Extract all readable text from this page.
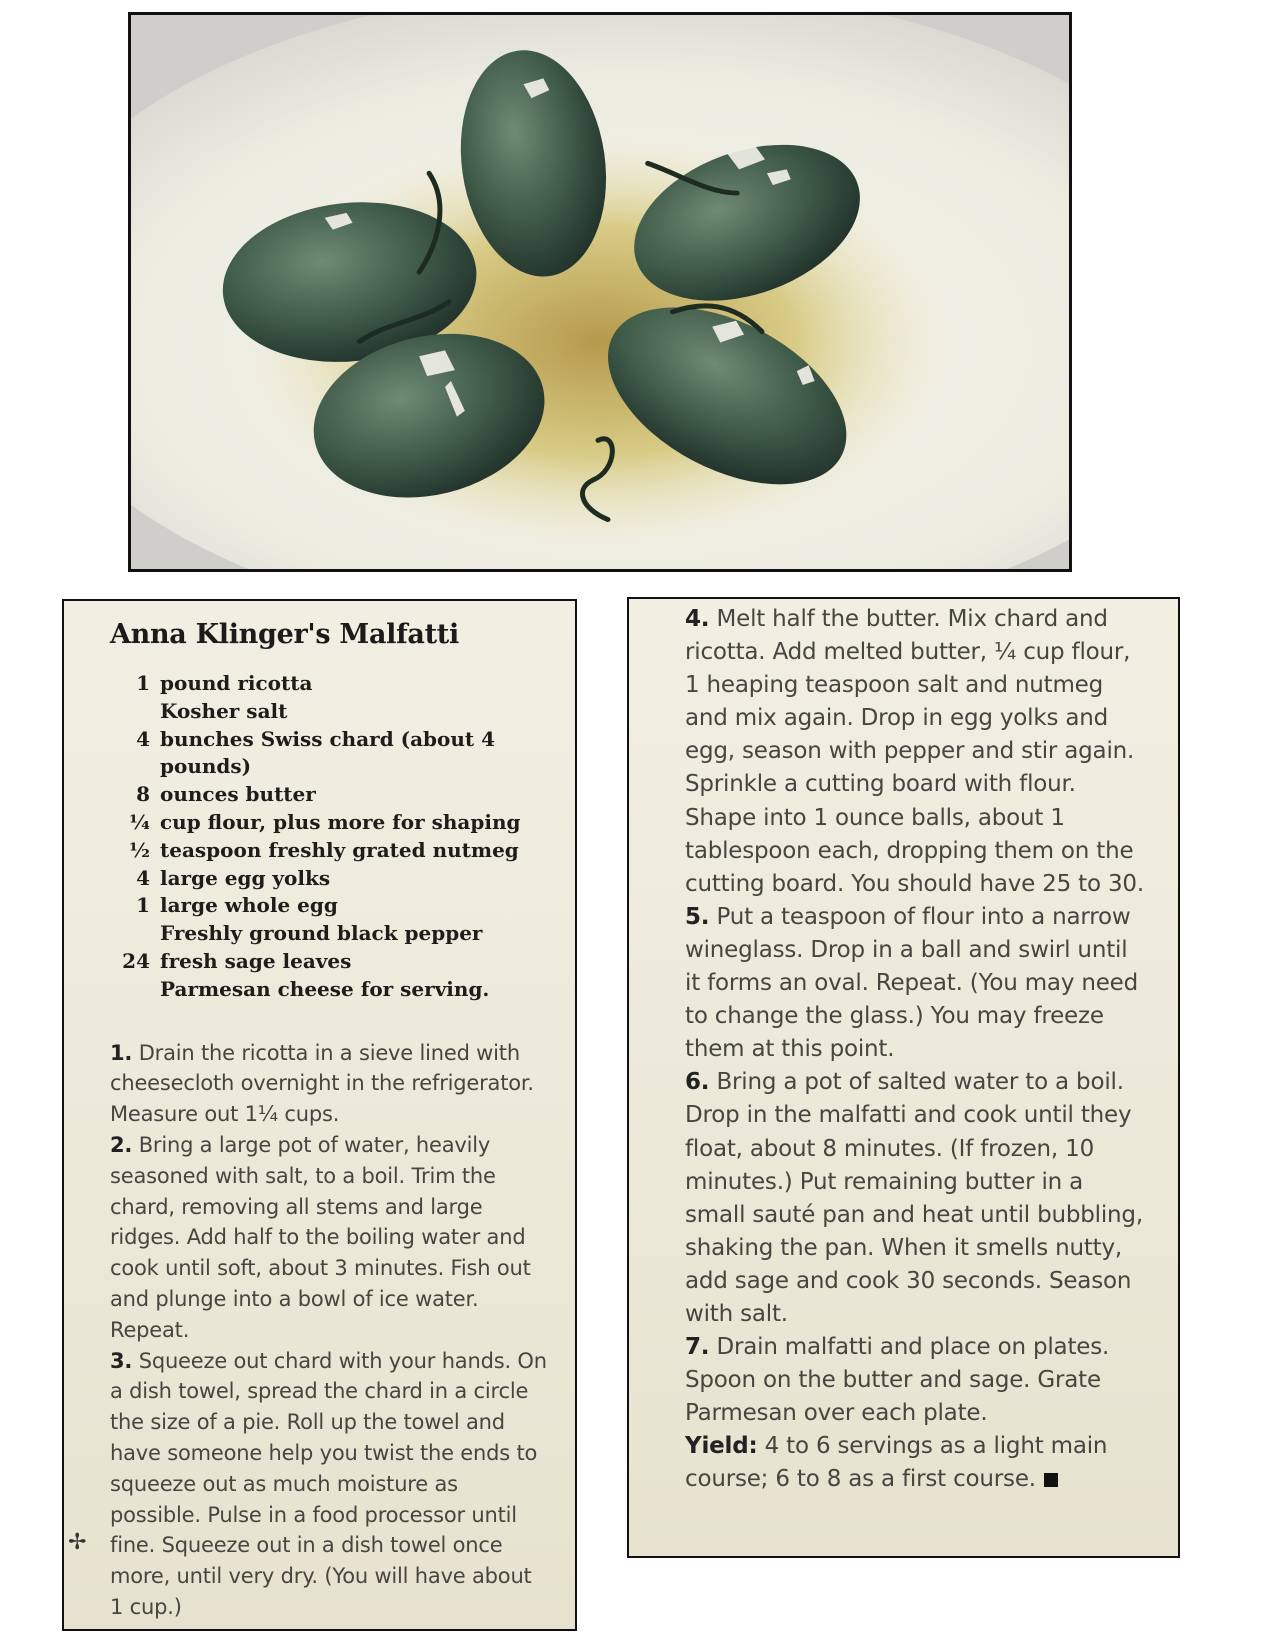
Anna Klinger's Malfatti
1 pound ricotta
Kosher salt
4 bunches Swiss chard (about 4 pounds)
8 ounces butter
¼ cup flour, plus more for shaping
½ teaspoon freshly grated nutmeg
4 large egg yolks
1 large whole egg
Freshly ground black pepper
24 fresh sage leaves
Parmesan cheese for serving.

1. Drain the ricotta in a sieve lined with cheesecloth overnight in the refrigerator. Measure out 1¼ cups.

2. Bring a large pot of water, heavily seasoned with salt, to a boil. Trim the chard, removing all stems and large ridges. Add half to the boiling water and cook until soft, about 3 minutes. Fish out and plunge into a bowl of ice water. Repeat.

3. Squeeze out chard with your hands. On a dish towel, spread the chard in a circle the size of a pie. Roll up the towel and have someone help you twist the ends to squeeze out as much moisture as possible. Pulse in a food processor until fine. Squeeze out in a dish towel once more, until very dry. (You will have about 1 cup.)

✢

4. Melt half the butter. Mix chard and ricotta. Add melted butter, ¼ cup flour, 1 heaping teaspoon salt and nutmeg and mix again. Drop in egg yolks and egg, season with pepper and stir again. Sprinkle a cutting board with flour. Shape into 1 ounce balls, about 1 tablespoon each, dropping them on the cutting board. You should have 25 to 30.

5. Put a teaspoon of flour into a narrow wineglass. Drop in a ball and swirl until it forms an oval. Repeat. (You may need to change the glass.) You may freeze them at this point.

6. Bring a pot of salted water to a boil. Drop in the malfatti and cook until they float, about 8 minutes. (If frozen, 10 minutes.) Put remaining butter in a small sauté pan and heat until bubbling, shaking the pan. When it smells nutty, add sage and cook 30 seconds. Season with salt.

7. Drain malfatti and place on plates. Spoon on the butter and sage. Grate Parmesan over each plate.

Yield: 4 to 6 servings as a light main course; 6 to 8 as a first course.
